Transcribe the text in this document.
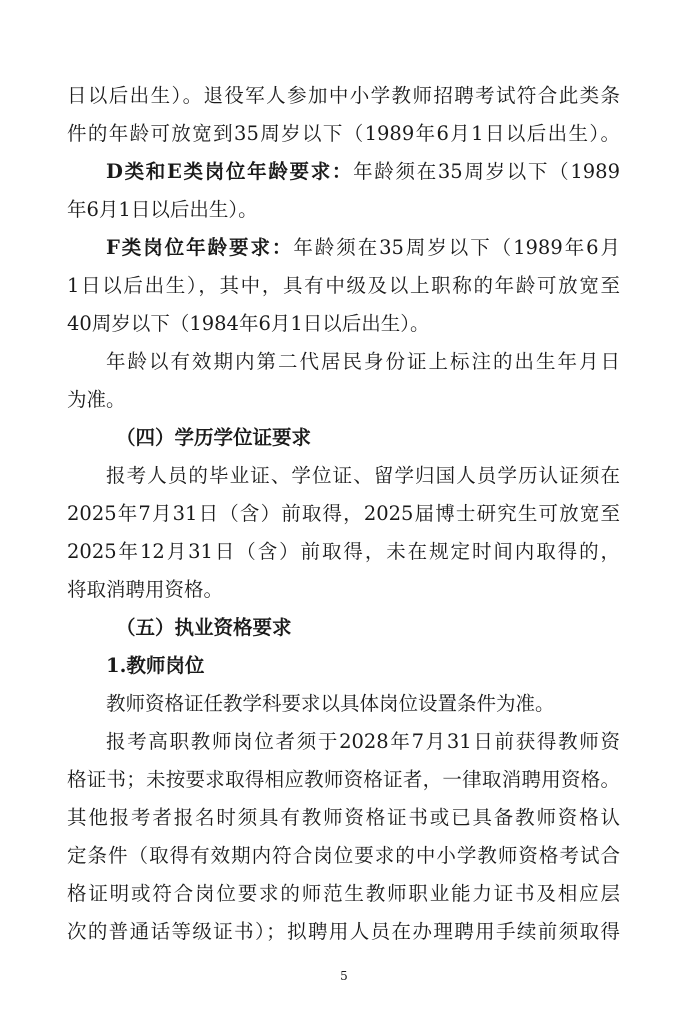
日以后出生）。退役军人参加中小学教师招聘考试符合此类条

件的年龄可放宽到35周岁以下（1989年6月1日以后出生）。

D类和E类岗位年龄要求：年龄须在35周岁以下（1989

年6月1日以后出生）。

F类岗位年龄要求：年龄须在35周岁以下（1989年6月

1日以后出生），其中，具有中级及以上职称的年龄可放宽至

40周岁以下（1984年6月1日以后出生）。

年龄以有效期内第二代居民身份证上标注的出生年月日

为准。

（四）学历学位证要求

报考人员的毕业证、学位证、留学归国人员学历认证须在

2025年7月31日（含）前取得，2025届博士研究生可放宽至

2025年12月31日（含）前取得，未在规定时间内取得的，

将取消聘用资格。

（五）执业资格要求

1.教师岗位

教师资格证任教学科要求以具体岗位设置条件为准。

报考高职教师岗位者须于2028年7月31日前获得教师资

格证书；未按要求取得相应教师资格证者，一律取消聘用资格。

其他报考者报名时须具有教师资格证书或已具备教师资格认

定条件（取得有效期内符合岗位要求的中小学教师资格考试合

格证明或符合岗位要求的师范生教师职业能力证书及相应层

次的普通话等级证书）；拟聘用人员在办理聘用手续前须取得

5
